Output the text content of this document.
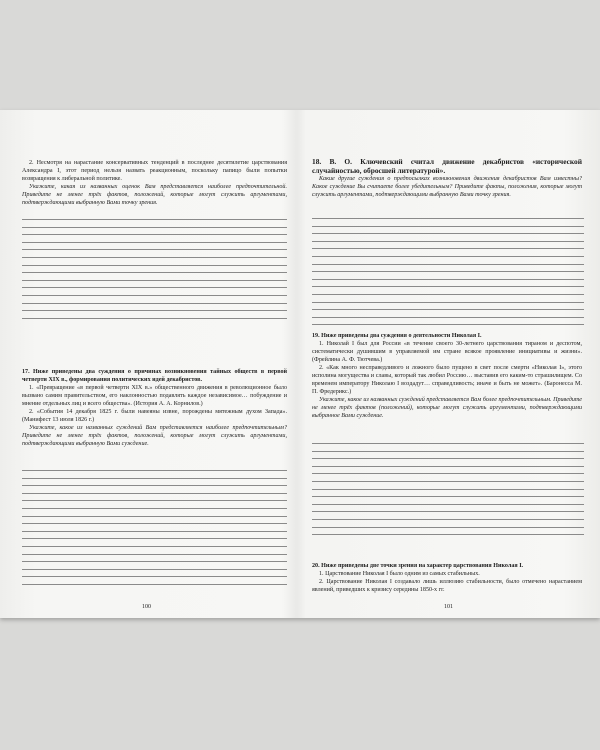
2. Несмотря на нарастание консервативных тенденций в последнее десятилетие царствования Александра I, этот период нельзя назвать реакционным, поскольку папицо были попытки возвращения к либеральной политике.

Укажите, какая из названных оценок Вам представляется наиболее предпочтительной. Приведите не менее трёх фактов, положений, которые могут служить аргументами, подтверждающими выбранную Вами точку зрения.

17. Ниже приведены два суждения о причинах возникновения тайных обществ в первой четверти XIX в., формирования политических идей декабристов.

1. «Превращение «в первой четверти XIX в.» общественного движения в революционное было вызвано самим правительством, его наклонностью подавлять каждое независимое… побуждение и мнение отдельных лиц и всего общества». (История А. А. Корнилов.)

2. «События 14 декабря 1825 г. были навеяны извне, порождены мятежным духом Запада». (Манифест 13 июля 1826 г.)

Укажите, какое из названных суждений Вам представляется наиболее предпочтительным? Приведите не менее трёх фактов, положений, которые могут служить аргументами, подтверждающими выбранную Вами суждение.

100

18. В. О. Ключевский считал движение декабристов «исторической случайностью, обросшей литературой».

Какие другие суждения о предпосылках возникновения движения декабристов Вам известны? Какое суждение Вы считаете более убедительным? Приведите факты, положения, которые могут служить аргументами, подтверждающими выбранную Вами точку зрения.

19. Ниже приведены два суждения о деятельности Николая I.

1. Николай I был для России «в течение своего 30-летнего царствования тираном и деспотом, систематически душившим в управляемой им стране всякое проявление инициативы и жизни». (Фрейлина А. Ф. Тютчева.)

2. «Как много несправедливого и ложного было пущено в свет после смерти «Николая I», этого исполина могущества и славы, который так любил Россию… выставив его каким-то страшилищем. Со временем императору Николаю I воздадут… справедливость; иначе и быть не может». (Баронесса М. П. Фредерикс.)

Укажите, какое из названных суждений представляется Вам более предпочтительным. Приведите не менее трёх фактов (положений), которые могут служить аргументами, подтверждающими выбранное Вами суждение.

20. Ниже приведены две точки зрения на характер царствования Николая I.

1. Царствование Николая I было одним из самых стабильных.

2. Царствование Николая I создавало лишь иллюзию стабильности, было отмечено нарастанием явлений, приведших к кризису середины 1850-х гг.

101
